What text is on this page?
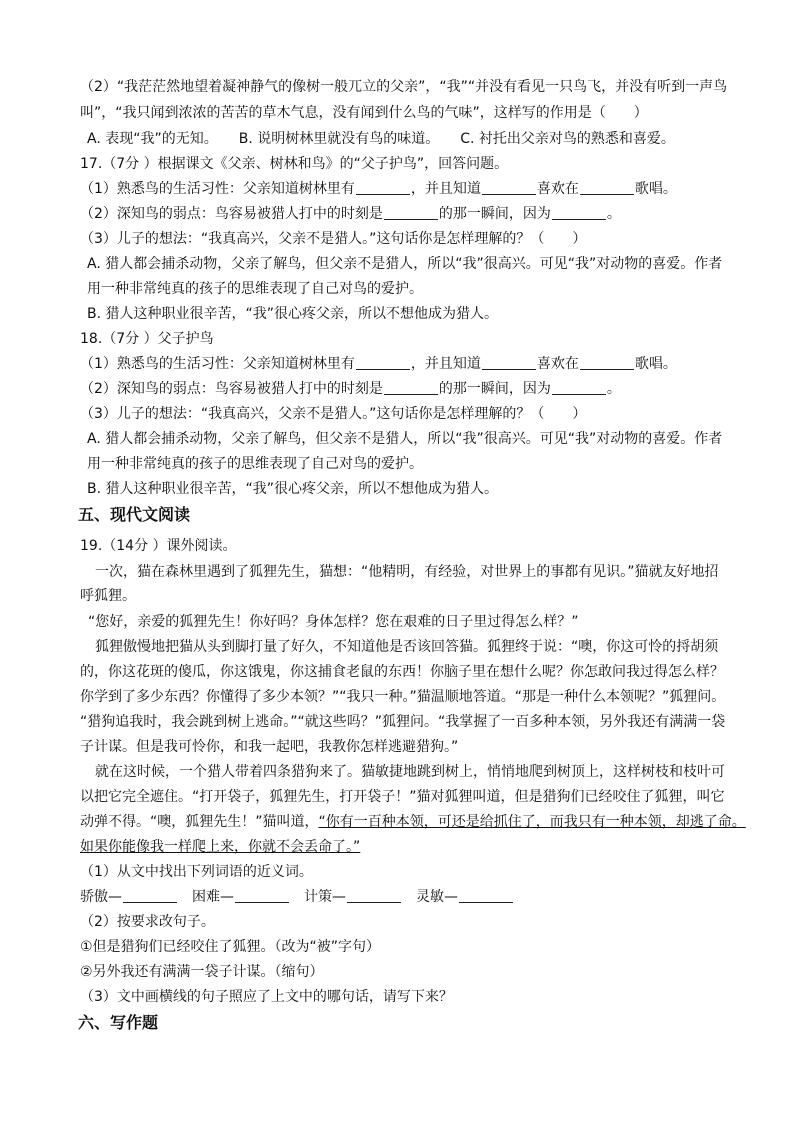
（2）“我茫茫然地望着凝神静气的像树一般兀立的父亲”，“我”“并没有看见一只鸟飞，并没有听到一声鸟
叫”，“我只闻到浓浓的苦苦的草木气息，没有闻到什么鸟的气味”，这样写的作用是（　　）
A. 表现“我”的无知。　　B. 说明树林里就没有鸟的味道。　　C. 衬托出父亲对鸟的熟悉和喜爱。
17.（7分 ）根据课文《父亲、树林和鸟》的“父子护鸟”，回答问题。
（1）熟悉鸟的生活习性：父亲知道树林里有	，并且知道	喜欢在	歌唱。
（2）深知鸟的弱点：鸟容易被猎人打中的时刻是	的那一瞬间，因为	。
（3）儿子的想法：“我真高兴，父亲不是猎人。”这句话你是怎样理解的？（　　）
A. 猎人都会捕杀动物，父亲了解鸟，但父亲不是猎人，所以“我”很高兴。可见“我”对动物的喜爱。作者
用一种非常纯真的孩子的思维表现了自己对鸟的爱护。
B. 猎人这种职业很辛苦，“我”很心疼父亲，所以不想他成为猎人。
18.（7分 ）父子护鸟
（1）熟悉鸟的生活习性：父亲知道树林里有	，并且知道	喜欢在	歌唱。
（2）深知鸟的弱点：鸟容易被猎人打中的时刻是	的那一瞬间，因为	。
（3）儿子的想法：“我真高兴，父亲不是猎人。”这句话你是怎样理解的？（　　）
A. 猎人都会捕杀动物，父亲了解鸟，但父亲不是猎人，所以“我”很高兴。可见“我”对动物的喜爱。作者
用一种非常纯真的孩子的思维表现了自己对鸟的爱护。
B. 猎人这种职业很辛苦，“我”很心疼父亲，所以不想他成为猎人。
五、现代文阅读
19.（14分 ）课外阅读。
一次，猫在森林里遇到了狐狸先生，猫想：“他精明，有经验，对世界上的事都有见识。”猫就友好地招
呼狐狸。
“您好，亲爱的狐狸先生！你好吗？身体怎样？您在艰难的日子里过得怎么样？”
狐狸傲慢地把猫从头到脚打量了好久，不知道他是否该回答猫。狐狸终于说：“噢，你这可怜的捋胡须
的，你这花斑的傻瓜，你这饿鬼，你这捕食老鼠的东西！你脑子里在想什么呢？你怎敢问我过得怎么样？
你学到了多少东西？你懂得了多少本领？”“我只一种。”猫温顺地答道。“那是一种什么本领呢？”狐狸问。
“猎狗追我时，我会跳到树上逃命。”“就这些吗？”狐狸问。“我掌握了一百多种本领，另外我还有满满一袋
子计谋。但是我可怜你，和我一起吧，我教你怎样逃避猎狗。”
就在这时候，一个猎人带着四条猎狗来了。猫敏捷地跳到树上，悄悄地爬到树顶上，这样树枝和枝叶可
以把它完全遮住。“打开袋子，狐狸先生，打开袋子！”猫对狐狸叫道，但是猎狗们已经咬住了狐狸，叫它
动弹不得。“噢，狐狸先生！”猫叫道，“你有一百种本领，可还是给抓住了，而我只有一种本领，却逃了命。
如果你能像我一样爬上来，你就不会丢命了。”
（1）从文中找出下列词语的近义词。
骄傲—	　困难—	　计策—	　灵敏—
（2）按要求改句子。
①但是猎狗们已经咬住了狐狸。（改为“被”字句）
②另外我还有满满一袋子计谋。（缩句）
（3）文中画横线的句子照应了上文中的哪句话，请写下来？
六、写作题
